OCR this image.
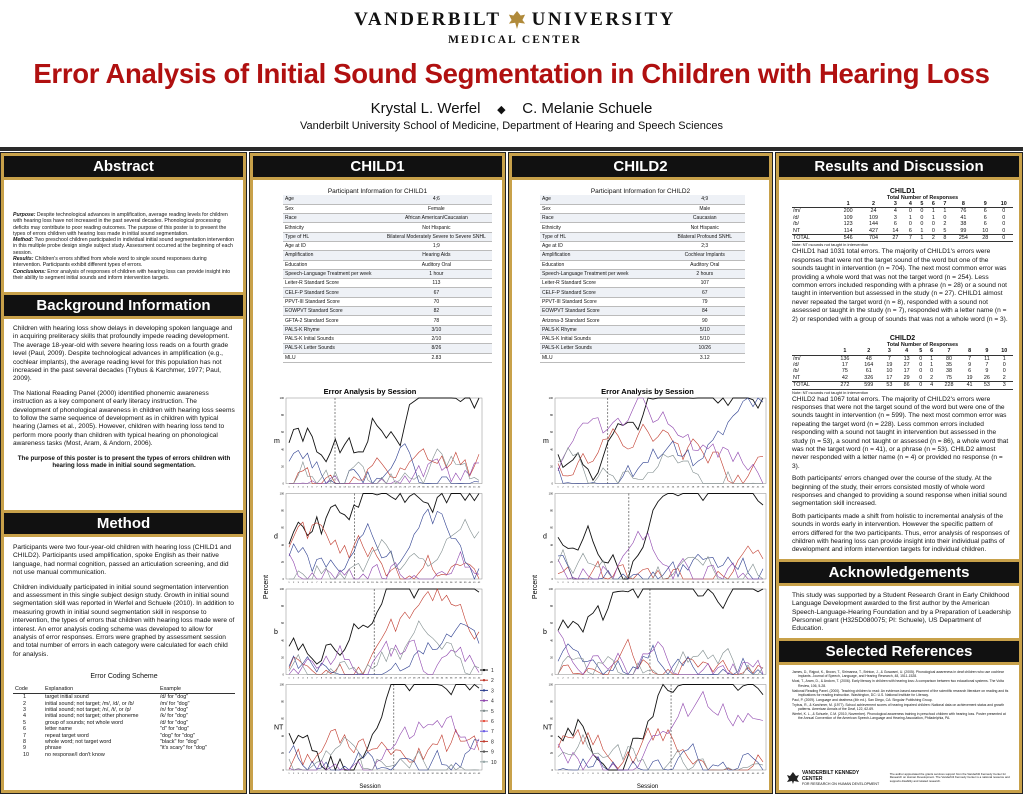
VANDERBILT UNIVERSITY
MEDICAL CENTER
Error Analysis of Initial Sound Segmentation in Children with Hearing Loss
Krystal L. Werfel ◆ C. Melanie Schuele
Vanderbilt University School of Medicine, Department of Hearing and Speech Sciences
Abstract

Purpose: Despite technological advances in amplification, average reading levels for children with hearing loss have not increased in the past several decades. Phonological processing deficits may contribute to poor reading outcomes. The purpose of this poster is to present the types of errors children with hearing loss made in initial sound segmentation.

Method: Two preschool children participated in individual initial sound segmentation intervention in this multiple probe design single subject study. Assessment occurred at the beginning of each session.

Results: Children's errors shifted from whole word to single sound responses during intervention. Participants exhibit different types of errors.

Conclusions: Error analysis of responses of children with hearing loss can provide insight into their ability to segment initial sounds and inform intervention targets.

Background Information

Children with hearing loss show delays in developing spoken language and in acquiring preliteracy skills that profoundly impede reading development. The average 18-year-old with severe hearing loss reads on a fourth grade level (Paul, 2009). Despite technological advances in amplification (e.g., cochlear implants), the average reading level for this population has not increased in the past several decades (Trybus & Karchmer, 1977; Paul, 2009).

The National Reading Panel (2000) identified phonemic awareness instruction as a key component of early literacy instruction. The development of phonological awareness in children with hearing loss seems to follow the same sequence of development as in children with typical hearing (James et al., 2005). However, children with hearing loss tend to perform more poorly than children with typical hearing on phonological awareness tasks (Most, Aram, & Andorn, 2006).

The purpose of this poster is to present the types of errors children with hearing loss made in initial sound segmentation.

Method

Participants were two four-year-old children with hearing loss (CHILD1 and CHILD2). Participants used amplification, spoke English as their native language, had normal cognition, passed an articulation screening, and did not use manual communication.

Children individually participated in initial sound segmentation intervention and assessment in this single subject design study. Growth in initial sound segmentation skill was reported in Werfel and Schuele (2010). In addition to measuring growth in initial sound segmentation skill in response to intervention, the types of errors that children with hearing loss made were of interest. An error analysis coding scheme was developed to allow for analysis of error responses. Errors were graphed by assessment session and total number of errors in each category were calculated for each child for analysis.

Error Coding Scheme
Code	Explanation	Example
1	target initial sound	/d/ for "dog"
2	initial sound; not target; /m/, /d/, or /b/	/m/ for "dog"
3	initial sound; not target; /n/, /t/, or /p/	/n/ for "dog"
4	initial sound; not target; other phoneme	/k/ for "dog"
5	group of sounds; not whole word	/d/ for "dog"
6	letter name	"d" for "dog"
7	repeat target word	"dog" for "dog"
8	whole word; not target word	"black" for "dog"
9	phrase	"it's scary" for "dog"
10	no response/I don't know	
CHILD1
Participant Information for CHILD1
Age	4;6
Sex	Female
Race	African American/Caucasian
Ethnicity	Not Hispanic
Type of HL	Bilateral Moderately Severe to Severe SNHL
Age at ID	1;9
Amplification	Hearing Aids
Education	Auditory Oral
Speech-Language Treatment per week	1 hour
Leiter-R Standard Score	113
CELF-P Standard Score	67
PPVT-III Standard Score	70
EOWPVT Standard Score	82
GFTA-2 Standard Score	78
PALS-K Rhyme	3/10
PALS-K Initial Sounds	2/10
PALS-K Letter Sounds	8/26
MLU	2.83
CHILD2
Participant Information for CHILD2
Age	4;9
Sex	Male
Race	Caucasian
Ethnicity	Not Hispanic
Type of HL	Bilateral Profound SNHL
Age at ID	2;3
Amplification	Cochlear Implants
Education	Auditory Oral
Speech-Language Treatment per week	2 hours
Leiter-R Standard Score	107
CELF-P Standard Score	67
PPVT-III Standard Score	79
EOWPVT Standard Score	84
Arizona-3 Standard Score	90
PALS-K Rhyme	5/10
PALS-K Initial Sounds	5/10
PALS-K Letter Sounds	10/26
MLU	3.12
Error Analysis by Session
Percent
Session
m
0
20
40
60
80
100
1	2	3	4	5	6	7	8	9	10	11	12 13 14 15 16 17 18 19 20 21 22 23 24 25 26 27 28 29 30 31 32 33 34 35 36 37 38 39 40 41 42
d
0
20
40
60
80
100
1	2	3	4	5	6	7	8	9	10	11	12 13 14 15 16 17 18 19 20 21 22 23 24 25 26 27 28 29 30 31 32 33 34 35 36 37 38 39 40 41 42
b
0
20
40
60
80
100
1	2	3	4	5	6	7	8	9	10	11	12 13 14 15 16 17 18 19 20 21 22 23 24 25 26 27 28 29 30 31 32 33 34 35 36 37 38 39 40 41 42
NT
0
20
40
60
80
100
1	2	3	4	5	6	7	8	9	10	11	12 13 14 15 16 17 18 19 20 21 22 23 24 25 26 27 28 29 30 31 32 33 34 35 36 37 38 39 40 41 42
1
2
3
4
5
6
7
8
9
10
Error Analysis by Session
Percent
Session
m
0
20
40
60
80
100
1	2	3	4	5	6	7	8	9	10	11	12	13	14	15	16	17	18	19	20	21	22	23	24	25	26	27	28	29	30	31	32	33	34	35	36	37	38	39	40	41	42
d
0
20
40
60
80
100
1	2	3	4	5	6	7	8	9	10	11	12	13	14	15	16	17	18	19	20	21	22	23	24	25	26	27	28	29	30	31	32	33	34	35	36	37	38	39	40	41	42
b
0
20
40
60
80
100
1	2	3	4	5	6	7	8	9	10	11	12	13	14	15	16	17	18	19	20	21	22	23	24	25	26	27	28	29	30	31	32	33	34	35	36	37	38	39	40	41	42
NT
0
20
40
60
80
100
1	2	3	4	5	6	7	8	9	10	11	12	13	14	15	16	17	18	19	20	21	22	23	24	25	26	27	28	29	30	31	32	33	34	35	36	37	38	39	40	41	42
Results and Discussion
CHILD1
Total Number of Responses
	1	2	3	4	5	6	7	8	9	10
/m/	200	24	4	0	0	1	1	76	6	0
/d/	109	109	3	1	0	1	0	41	6	0
/b/	123	144	6	0	0	0	2	38	6	0
NT	114	427	14	6	1	0	5	99	10	0
TOTAL	546	704	27	7	1	2	8	254	28	0
Note: NT=sounds not taught in intervention
CHILD1 had 1031 total errors. The majority of CHILD1's errors were responses that were not the target sound of the word but one of the sounds taught in intervention (n = 704). The next most common error was providing a whole word that was not the target word (n = 254). Less common errors included responding with a phrase (n = 28) or a sound not taught in intervention but assessed in the study (n = 27). CHILD1 almost never repeated the target word (n = 8), responded with a sound not assessed or taught in the study (n = 7), responded with a letter name (n = 2) or responded with a group of sounds that was not a whole word (n = 3).
CHILD2
Total Number of Responses
	1	2	3	4	5	6	7	8	9	10
/m/	136	48	7	13	0	1	80	7	11	1
/d/	17	164	19	27	0	1	35	9	7	0
/b/	75	61	10	17	0	0	38	6	9	0
NT	42	326	17	29	0	2	75	19	26	2
TOTAL	272	599	53	86	0	4	228	41	53	3
Note: NT=sounds not taught in intervention

CHILD2 had 1067 total errors. The majority of CHILD2's errors were responses that were not the target sound of the word but were one of the sounds taught in intervention (n = 599). The next most common error was repeating the target word (n = 228). Less common errors included responding with a sound not taught in intervention but assessed in the study (n = 53), a sound not taught or assessed (n = 86), a whole word that was not the target word (n = 41), or a phrase (n = 53). CHILD2 almost never responded with a letter name (n = 4) or provided no response (n = 3).

Both participants' errors changed over the course of the study. At the beginning of the study, their errors consisted mostly of whole word responses and changed to providing a sound response when initial sound segmentation skill increased.

Both participants made a shift from holistic to incremental analysis of the sounds in words early in intervention. However the specific pattern of errors differed for the two participants. Thus, error analysis of responses of children with hearing loss can provide insight into their individual paths of development and inform intervention targets for individual children.

Acknowledgements
This study was supported by a Student Research Grant in Early Childhood Language Development awarded to the first author by the American Speech-Language-Hearing Foundation and by a Preparation of Leadership Personnel grant (H325D080075; PI: Schuele), US Department of Education.
Selected References
James, D., Rajput, K., Brown, T., Sirimanna, T., Brinton, J., & Goswami, U. (2005). Phonological awareness in deaf children who use cochlear implants. Journal of Speech, Language, and Hearing Research, 48, 1511-1528.
Most, T., Aram, D., & Andorn, T. (2006). Early literacy in children with hearing loss: A comparison between two educational systems. The Volta Review, 106, 5-28.
National Reading Panel. (2000). Teaching children to read: An evidence-based assessment of the scientific research literature on reading and its implications for reading instruction. Washington, DC: U.S. National Institute for Literacy.
Paul, P. (2009). Language and deafness (4th ed.). San Diego, CA: Singular Publishing Group.
Trybus, R., & Karchmer, M. (1977). School achievement scores of hearing impaired children: National data on achievement status and growth patterns. American Annals of the Deaf, 122, 62-69.
Werfel, K. L., & Schuele, C.M. (2010, November). Phonological awareness training in preschool children with hearing loss. Poster presented at the Annual Convention of the American Speech-Language and Hearing Association, Philadelphia, PA.
VANDERBILT KENNEDY CENTER
FOR RESEARCH ON HUMAN DEVELOPMENT
The author appreciated the grants services support from the Vanderbilt Kennedy Center for Research on Human Development. The Vanderbilt Kennedy Center is a national resource and supports disability and related research.
